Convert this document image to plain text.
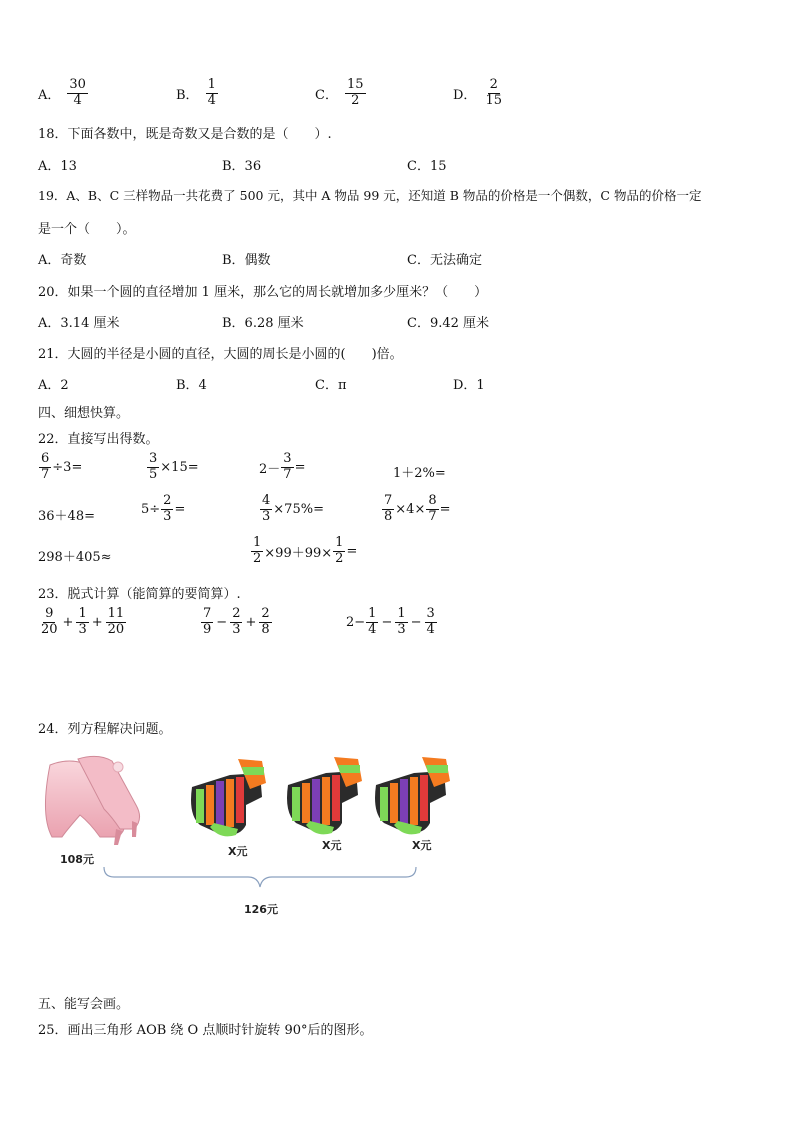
A． $\frac{30}{4}$	B． $\frac{1}{4}$	C． $\frac{15}{2}$	D． $\frac{2}{15}$
18．下面各数中，既是奇数又是合数的是（　　）.
A．13	B．36	C．15
19．A、B、C 三样物品一共花费了 500 元，其中 A 物品 99 元，还知道 B 物品的价格是一个偶数，C 物品的价格一定
是一个（　　）。
A．奇数	B．偶数	C．无法确定
20．如果一个圆的直径增加 1 厘米，那么它的周长就增加多少厘米？（　　）
A．3.14 厘米	B．6.28 厘米	C．9.42 厘米
21．大圆的半径是小圆的直径，大圆的周长是小圆的(　　)倍。
A．2	B．4	C．π	D．1
四、细想快算。
22．直接写出得数。
$\frac{6}{7} \div 3=$	$\frac{3}{5} \times 15=$	$2- \frac{3}{7}$ =	1＋2%=
36＋48=	$5\div \frac{2}{3}$ =	$\frac{4}{3} \times 75\%=$	$\frac{7}{8} \times 4\times \frac{8}{7}$ =
298＋405≈	$\frac{1}{2} \times 99+99\times \frac{1}{2}$ =
23．脱式计算（能简算的要简算）.
$\frac{9}{20} + \frac{1}{3} + \frac{11}{20}$	$\frac{7}{9} - \frac{2}{3} + \frac{2}{8}$	$2- \frac{1}{4} - \frac{1}{3} - \frac{3}{4}$
24．列方程解决问题。
108元
X元	X元	X元
126元
五、能写会画。
25．画出三角形 AOB 绕 O 点顺时针旋转 90°后的图形。
